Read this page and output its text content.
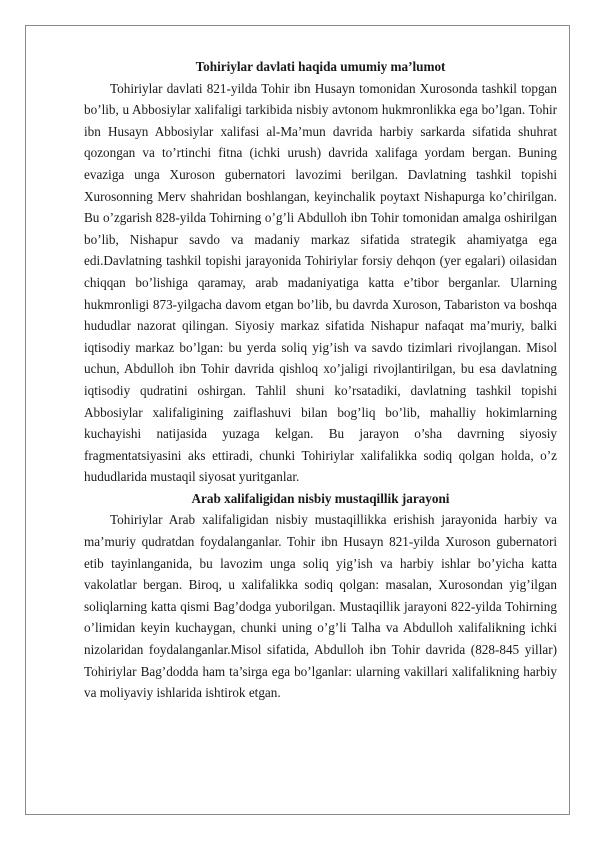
Tohiriylar davlati haqida umumiy ma’lumot

Tohiriylar davlati 821-yilda Tohir ibn Husayn tomonidan Xurosonda tashkil topgan bo’lib, u Abbosiylar xalifaligi tarkibida nisbiy avtonom hukmronlikka ega bo’lgan. Tohir ibn Husayn Abbosiylar xalifasi al-Ma’mun davrida harbiy sarkarda sifatida shuhrat qozongan va to’rtinchi fitna (ichki urush) davrida xalifaga yordam bergan. Buning evaziga unga Xuroson gubernatori lavozimi berilgan. Davlatning tashkil topishi Xurosonning Merv shahridan boshlangan, keyinchalik poytaxt Nishapurga ko’chirilgan. Bu o’zgarish 828-yilda Tohirning o’g’li Abdulloh ibn Tohir tomonidan amalga oshirilgan bo’lib, Nishapur savdo va madaniy markaz sifatida strategik ahamiyatga ega edi.Davlatning tashkil topishi jarayonida Tohiriylar forsiy dehqon (yer egalari) oilasidan chiqqan bo’lishiga qaramay, arab madaniyatiga katta e’tibor berganlar. Ularning hukmronligi 873-yilgacha davom etgan bo’lib, bu davrda Xuroson, Tabariston va boshqa hududlar nazorat qilingan. Siyosiy markaz sifatida Nishapur nafaqat ma’muriy, balki iqtisodiy markaz bo’lgan: bu yerda soliq yig’ish va savdo tizimlari rivojlangan. Misol uchun, Abdulloh ibn Tohir davrida qishloq xo’jaligi rivojlantirilgan, bu esa davlatning iqtisodiy qudratini oshirgan. Tahlil shuni ko’rsatadiki, davlatning tashkil topishi Abbosiylar xalifaligining zaiflashuvi bilan bog’liq bo’lib, mahalliy hokimlarning kuchayishi natijasida yuzaga kelgan. Bu jarayon o’sha davrning siyosiy fragmentatsiyasini aks ettiradi, chunki Tohiriylar xalifalikka sodiq qolgan holda, o’z hududlarida mustaqil siyosat yuritganlar.

Arab xalifaligidan nisbiy mustaqillik jarayoni

Tohiriylar Arab xalifaligidan nisbiy mustaqillikka erishish jarayonida harbiy va ma’muriy qudratdan foydalanganlar. Tohir ibn Husayn 821-yilda Xuroson gubernatori etib tayinlanganida, bu lavozim unga soliq yig’ish va harbiy ishlar bo’yicha katta vakolatlar bergan. Biroq, u xalifalikka sodiq qolgan: masalan, Xurosondan yig’ilgan soliqlarning katta qismi Bag’dodga yuborilgan. Mustaqillik jarayoni 822-yilda Tohirning o’limidan keyin kuchaygan, chunki uning o’g’li Talha va Abdulloh xalifalikning ichki nizolaridan foydalanganlar.Misol sifatida, Abdulloh ibn Tohir davrida (828-845 yillar) Tohiriylar Bag’dodda ham ta’sirga ega bo’lganlar: ularning vakillari xalifalikning harbiy va moliyaviy ishlarida ishtirok etgan.
